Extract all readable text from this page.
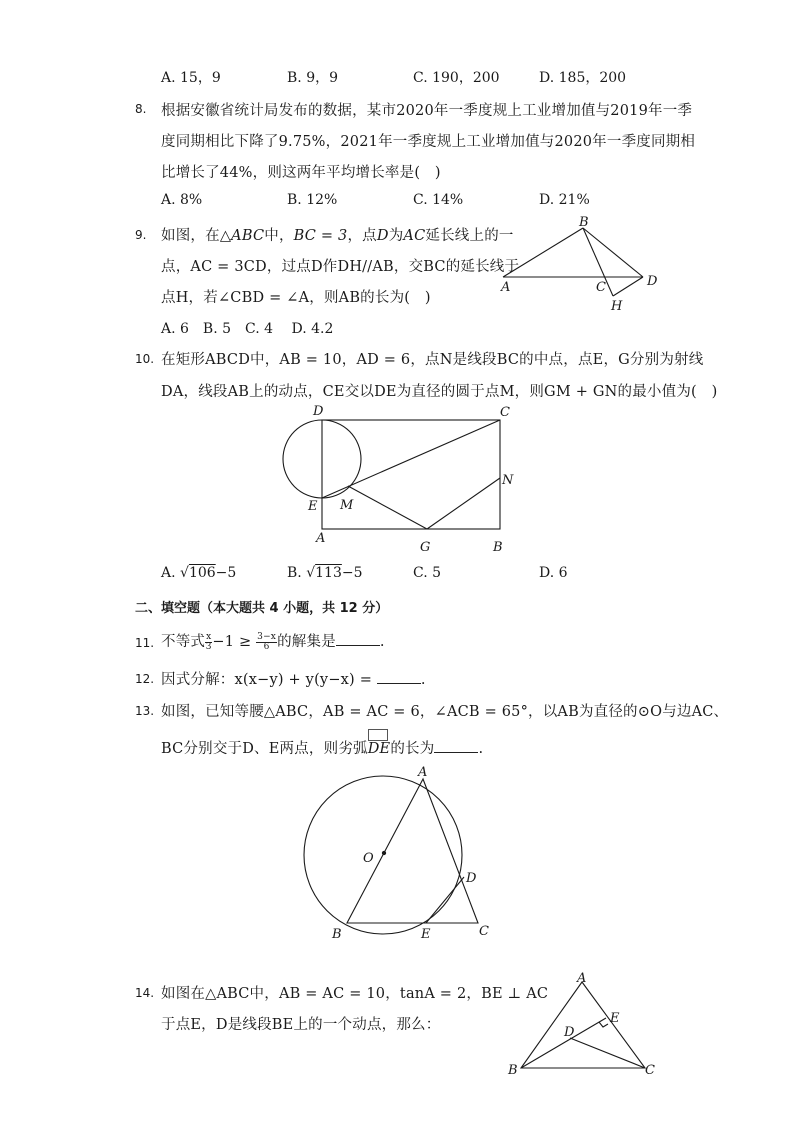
A. 15，9	B. 9，9	C. 190，200	D. 185，200
8. 根据安徽省统计局发布的数据，某市2020年一季度规上工业增加值与2019年一季
度同期相比下降了9.75%，2021年一季度规上工业增加值与2020年一季度同期相
比增长了44%，则这两年平均增长率是(　)
A. 8%	B. 12%	C. 14%	D. 21%
9. 如图，在△ABC中，BC = 3，点D为AC延长线上的一
点，AC = 3CD，过点D作DH//AB，交BC的延长线于
点H，若∠CBD = ∠A，则AB的长为(　)
A. 6　B. 5　C. 4　 D. 4.2
B
A	C	D
H
10. 在矩形ABCD中，AB = 10，AD = 6，点N是线段BC的中点，点E，G分别为射线
DA，线段AB上的动点，CE交以DE为直径的圆于点M，则GM + GN的最小值为(　)
D	C
N
E M
A
G	B
A. √106−5	B. √113−5	C. 5	D. 6
二、填空题（本大题共 4 小题，共 12 分）
11. 不等式 $\frac{x}{3} -1 \ge \frac{3-x}{6}$ 的解集是	.
12. 因式分解：x(x−y) + y(y−x) =	.
13. 如图，已知等腰△ABC，AB = AC = 6，∠ACB = 65°，以AB为直径的⊙O与边AC、
BC分别交于D、E两点，则劣弧
DE的长为	.
A
O
D
B	E	C
14. 如图在△ABC中，AB = AC = 10，tanA = 2，BE ⊥ AC
于点E，D是线段BE上的一个动点，那么：
A
E
D
B	C
